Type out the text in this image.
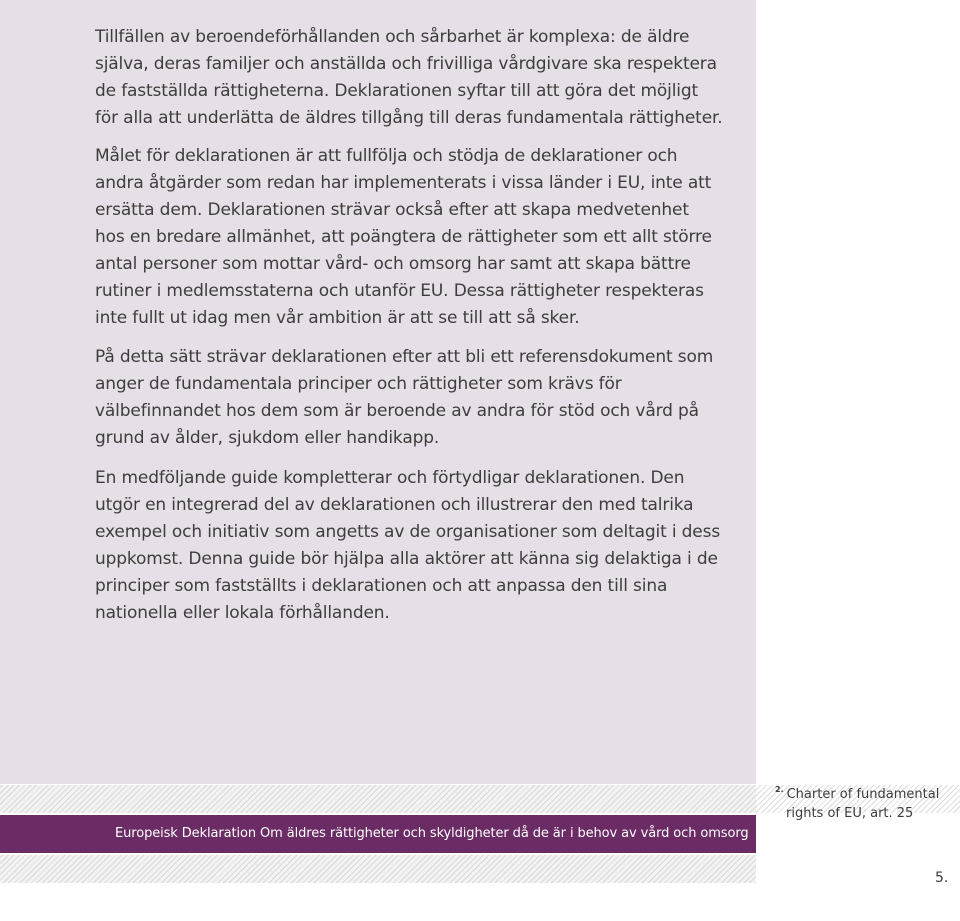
Tillfällen av beroendeförhållanden och sårbarhet är komplexa: de äldre själva, deras familjer och anställda och frivilliga vårdgivare ska respektera de fastställda rättigheterna. Deklarationen syftar till att göra det möjligt för alla att underlätta de äldres tillgång till deras fundamentala rättigheter.

Målet för deklarationen är att fullfölja och stödja de deklarationer och andra åtgärder som redan har implementerats i vissa länder i EU, inte att ersätta dem. Deklarationen strävar också efter att skapa medvetenhet hos en bredare allmänhet, att poängtera de rättigheter som ett allt större antal personer som mottar vård- och omsorg har samt att skapa bättre rutiner i medlemsstaterna och utanför EU. Dessa rättigheter respekteras inte fullt ut idag men vår ambition är att se till att så sker.

På detta sätt strävar deklarationen efter att bli ett referensdokument som anger de fundamentala principer och rättigheter som krävs för välbefinnandet hos dem som är beroende av andra för stöd och vård på grund av ålder, sjukdom eller handikapp.

En medföljande guide kompletterar och förtydligar deklarationen. Den utgör en integrerad del av deklarationen och illustrerar den med talrika exempel och initiativ som angetts av de organisationer som deltagit i dess uppkomst. Denna guide bör hjälpa alla aktörer att känna sig delaktiga i de principer som fastställts i deklarationen och att anpassa den till sina nationella eller lokala förhållanden.

Europeisk Deklaration Om äldres rättigheter och skyldigheter då de är i behov av vård och omsorg
$^{2.}$ Charter of fundamental
rights of EU, art. 25
5.
